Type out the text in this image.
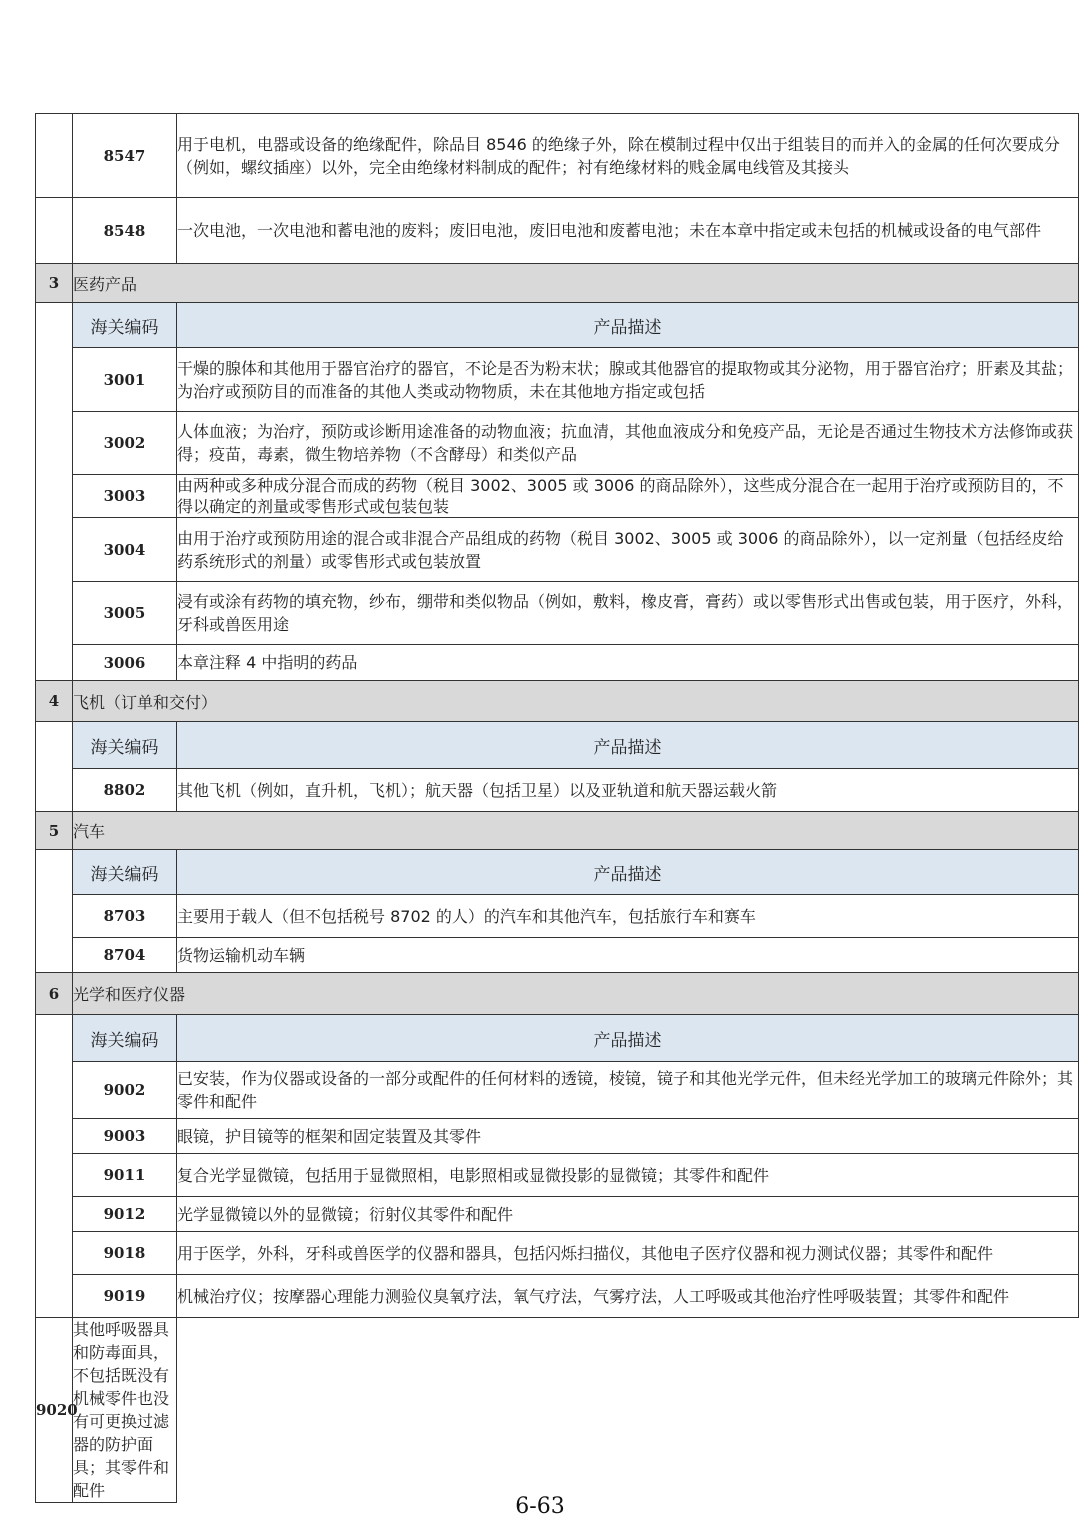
	8547	用于电机，电器或设备的绝缘配件，除品目 8546 的绝缘子外，除在模制过程中仅出于组装目的而并入的金属的任何次要成分（例如，螺纹插座）以外，完全由绝缘材料制成的配件；衬有绝缘材料的贱金属电线管及其接头
	8548	一次电池，一次电池和蓄电池的废料；废旧电池，废旧电池和废蓄电池；未在本章中指定或未包括的机械或设备的电气部件
3	医药产品	
	海关编码	产品描述
	3001	干燥的腺体和其他用于器官治疗的器官，不论是否为粉末状；腺或其他器官的提取物或其分泌物，用于器官治疗；肝素及其盐；为治疗或预防目的而准备的其他人类或动物物质，未在其他地方指定或包括
	3002	人体血液；为治疗，预防或诊断用途准备的动物血液；抗血清，其他血液成分和免疫产品，无论是否通过生物技术方法修饰或获得；疫苗，毒素，微生物培养物（不含酵母）和类似产品
	3003	由两种或多种成分混合而成的药物（税目 3002、3005 或 3006 的商品除外），这些成分混合在一起用于治疗或预防目的，不得以确定的剂量或零售形式或包装包装
	3004	由用于治疗或预防用途的混合或非混合产品组成的药物（税目 3002、3005 或 3006 的商品除外），以一定剂量（包括经皮给药系统形式的剂量）或零售形式或包装放置
	3005	浸有或涂有药物的填充物，纱布，绷带和类似物品（例如，敷料，橡皮膏，膏药）或以零售形式出售或包装，用于医疗，外科，牙科或兽医用途
	3006	本章注释 4 中指明的药品
4	飞机（订单和交付）	
	海关编码	产品描述
	8802	其他飞机（例如，直升机，飞机）；航天器（包括卫星）以及亚轨道和航天器运载火箭
5	汽车	
	海关编码	产品描述
	8703	主要用于载人（但不包括税号 8702 的人）的汽车和其他汽车，包括旅行车和赛车
	8704	货物运输机动车辆
6	光学和医疗仪器	
	海关编码	产品描述
	9002	已安装，作为仪器或设备的一部分或配件的任何材料的透镜，棱镜，镜子和其他光学元件，但未经光学加工的玻璃元件除外；其零件和配件
	9003	眼镜，护目镜等的框架和固定装置及其零件
	9011	复合光学显微镜，包括用于显微照相，电影照相或显微投影的显微镜；其零件和配件
	9012	光学显微镜以外的显微镜；衍射仪其零件和配件
	9018	用于医学，外科，牙科或兽医学的仪器和器具，包括闪烁扫描仪，其他电子医疗仪器和视力测试仪器；其零件和配件
	9019	机械治疗仪；按摩器心理能力测验仪臭氧疗法，氧气疗法，气雾疗法，人工呼吸或其他治疗性呼吸装置；其零件和配件
9020	其他呼吸器具和防毒面具，不包括既没有机械零件也没有可更换过滤器的防护面具；其零件和配件	
6-63
